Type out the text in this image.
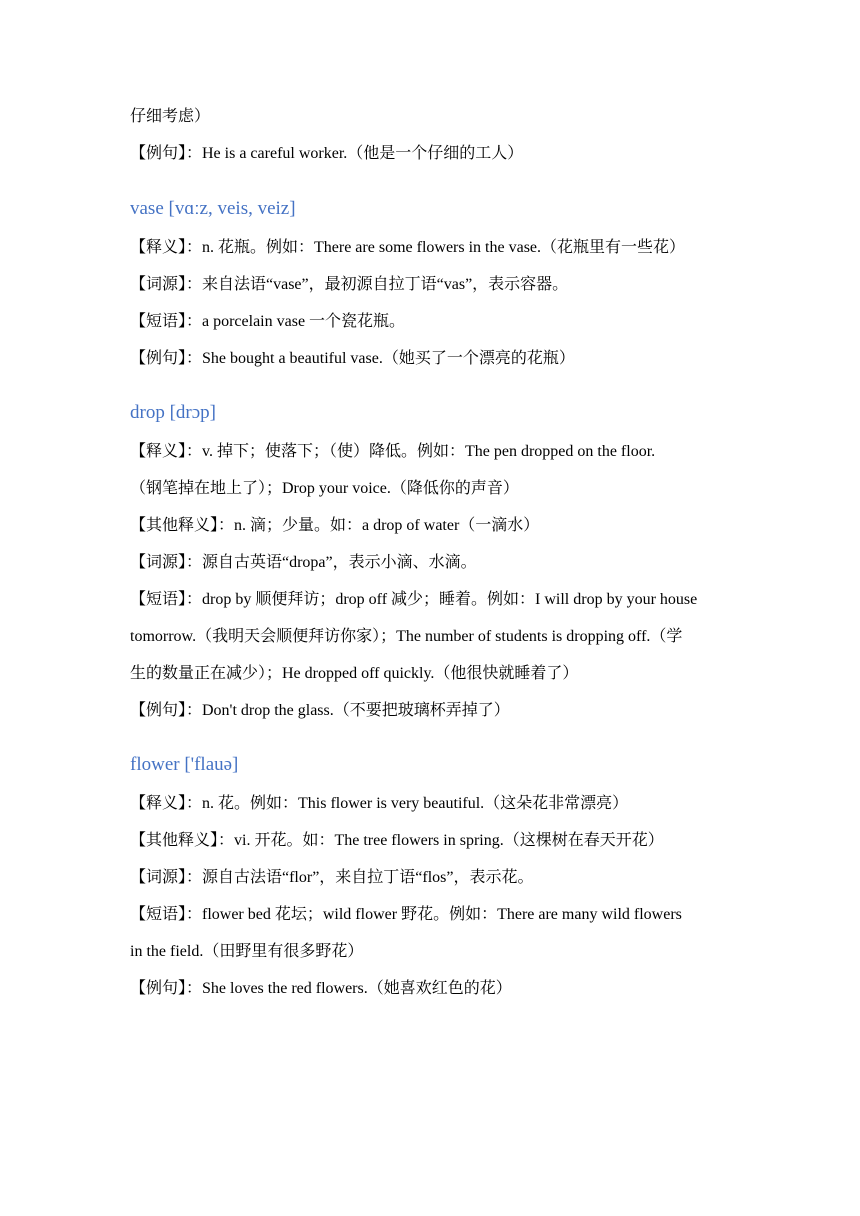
仔细考虑）
【例句】：He is a careful worker.（他是一个仔细的工人）
vase [vɑːz, veis, veiz]
【释义】：n. 花瓶。例如：There are some flowers in the vase.（花瓶里有一些花）
【词源】：来自法语“vase”，最初源自拉丁语“vas”，表示容器。
【短语】：a porcelain vase 一个瓷花瓶。
【例句】：She bought a beautiful vase.（她买了一个漂亮的花瓶）
drop [drɔp]
【释义】：v. 掉下；使落下；（使）降低。例如：The pen dropped on the floor.
（钢笔掉在地上了）；Drop your voice.（降低你的声音）
【其他释义】：n. 滴；少量。如：a drop of water（一滴水）
【词源】：源自古英语“dropa”，表示小滴、水滴。
【短语】：drop by 顺便拜访；drop off 减少；睡着。例如：I will drop by your house
tomorrow.（我明天会顺便拜访你家）；The number of students is dropping off.（学
生的数量正在减少）；He dropped off quickly.（他很快就睡着了）
【例句】：Don't drop the glass.（不要把玻璃杯弄掉了）
flower ['flauə]
【释义】：n. 花。例如：This flower is very beautiful.（这朵花非常漂亮）
【其他释义】：vi. 开花。如：The tree flowers in spring.（这棵树在春天开花）
【词源】：源自古法语“flor”，来自拉丁语“flos”，表示花。
【短语】：flower bed 花坛；wild flower 野花。例如：There are many wild flowers
in the field.（田野里有很多野花）
【例句】：She loves the red flowers.（她喜欢红色的花）
